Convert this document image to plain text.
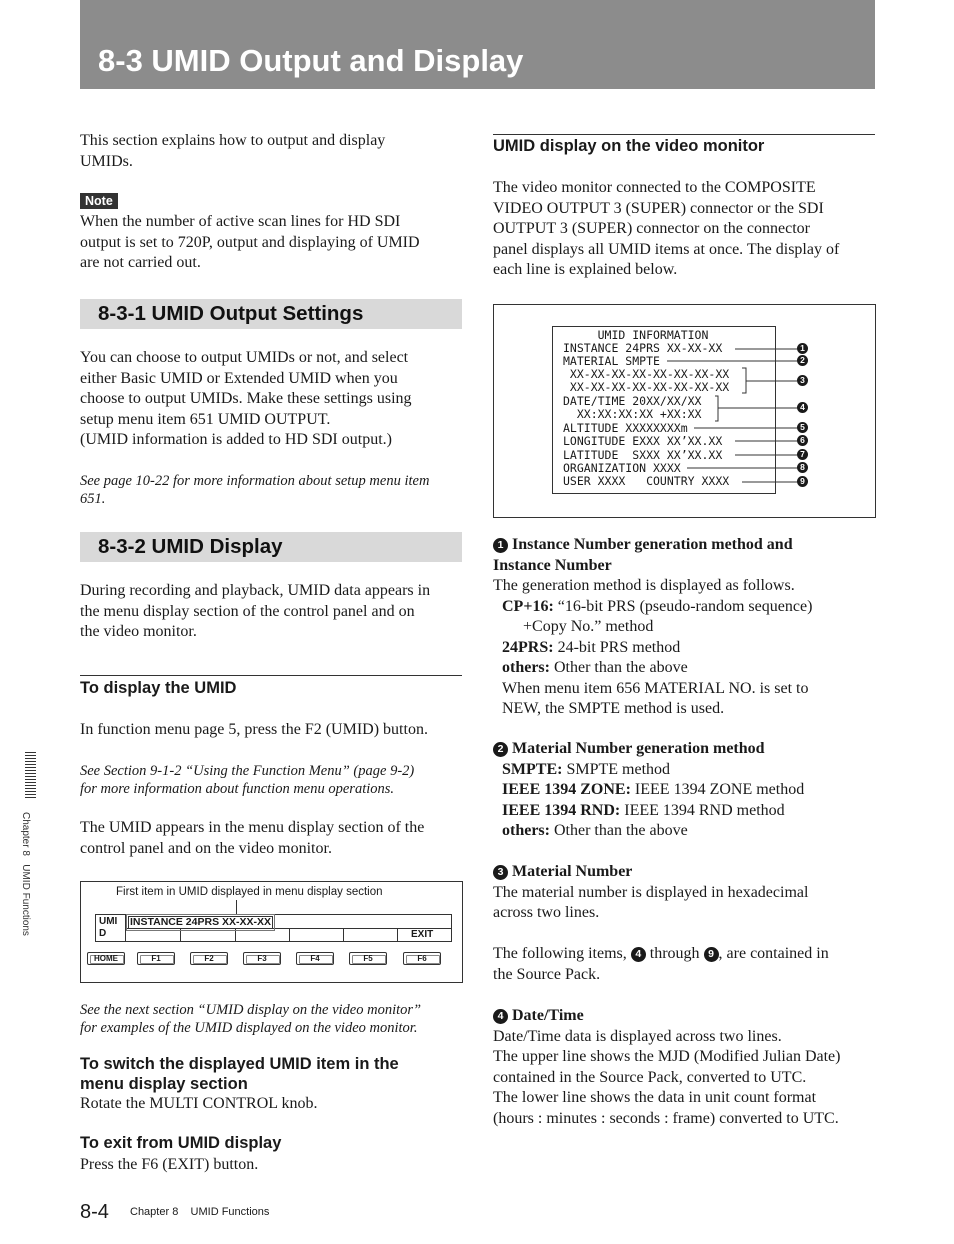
8-3 UMID Output and Display

This section explains how to output and display

UMIDs.

Note

When the number of active scan lines for HD SDI

output is set to 720P, output and displaying of UMID

are not carried out.

8-3-1 UMID Output Settings

You can choose to output UMIDs or not, and select

either Basic UMID or Extended UMID when you

choose to output UMIDs. Make these settings using

setup menu item 651 UMID OUTPUT.

(UMID information is added to HD SDI output.)

See page 10-22 for more information about setup menu item

651.

8-3-2 UMID Display

During recording and playback, UMID data appears in

the menu display section of the control panel and on

the video monitor.

To display the UMID

In function menu page 5, press the F2 (UMID) button.

See Section 9-1-2 “Using the Function Menu” (page 9-2)

for more information about function menu operations.

The UMID appears in the menu display section of the

control panel and on the video monitor.

First item in UMID displayed in menu display section
UMI
D
INSTANCE 24PRS XX-XX-XX
EXIT
HOME	F1	F2	F3	F4	F5	F6

See the next section “UMID display on the video monitor”

for examples of the UMID displayed on the video monitor.

To switch the displayed UMID item in the

menu display section

Rotate the MULTI CONTROL knob.

To exit from UMID display

Press the F6 (EXIT) button.

UMID display on the video monitor

The video monitor connected to the COMPOSITE

VIDEO OUTPUT 3 (SUPER) connector or the SDI

OUTPUT 3 (SUPER) connector on the connector

panel displays all UMID items at once. The display of

each line is explained below.

UMID INFORMATION
INSTANCE 24PRS XX-XX-XX
MATERIAL SMPTE
XX-XX-XX-XX-XX-XX-XX-XX
XX-XX-XX-XX-XX-XX-XX-XX
DATE/TIME 20XX/XX/XX
XX:XX:XX:XX +XX:XX
ALTITUDE XXXXXXXXm
LONGITUDE EXXX XX’XX.XX
LATITUDE  SXXX XX’XX.XX
ORGANIZATION XXXX
USER XXXX   COUNTRY XXXX
1
2
3
4
5
6
7
8
9

1 Instance Number generation method and

Instance Number

The generation method is displayed as follows.

CP+16: “16-bit PRS (pseudo-random sequence)

+Copy No.” method

24PRS: 24-bit PRS method

others: Other than the above

When menu item 656 MATERIAL NO. is set to

NEW, the SMPTE method is used.

2 Material Number generation method

SMPTE: SMPTE method

IEEE 1394 ZONE: IEEE 1394 ZONE method

IEEE 1394 RND: IEEE 1394 RND method

others: Other than the above

3 Material Number

The material number is displayed in hexadecimal

across two lines.

The following items, 4 through 9 , are contained in

the Source Pack.

4 Date/Time

Date/Time data is displayed across two lines.

The upper line shows the MJD (Modified Julian Date)

contained in the Source Pack, converted to UTC.

The lower line shows the data in unit count format

(hours : minutes : seconds : frame) converted to UTC.

Chapter 8   UMID Functions
8-4 Chapter 8    UMID Functions
